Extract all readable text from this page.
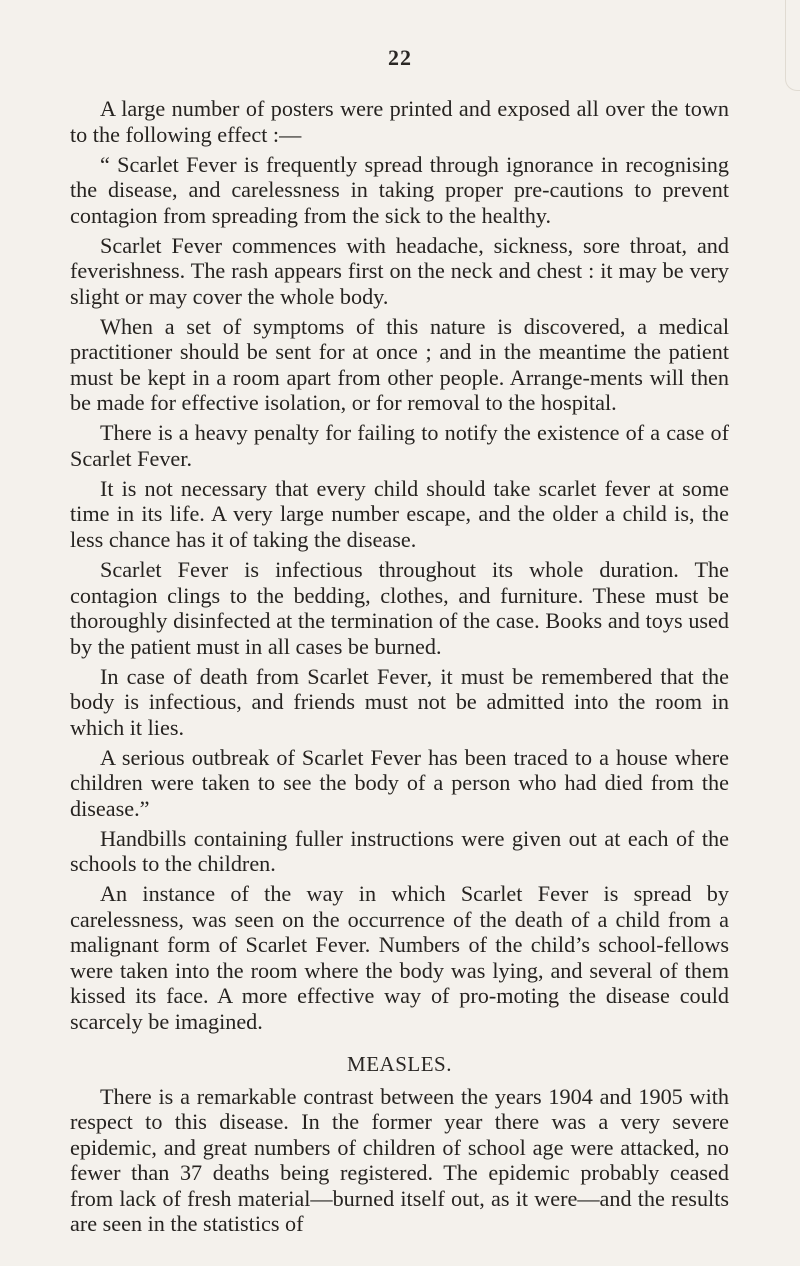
22

A large number of posters were printed and exposed all over the town to the following effect :—

“ Scarlet Fever is frequently spread through ignorance in recognising the disease, and carelessness in taking proper pre-cautions to prevent contagion from spreading from the sick to the healthy.

Scarlet Fever commences with headache, sickness, sore throat, and feverishness. The rash appears first on the neck and chest : it may be very slight or may cover the whole body.

When a set of symptoms of this nature is discovered, a medical practitioner should be sent for at once ; and in the meantime the patient must be kept in a room apart from other people. Arrange-ments will then be made for effective isolation, or for removal to the hospital.

There is a heavy penalty for failing to notify the existence of a case of Scarlet Fever.

It is not necessary that every child should take scarlet fever at some time in its life. A very large number escape, and the older a child is, the less chance has it of taking the disease.

Scarlet Fever is infectious throughout its whole duration. The contagion clings to the bedding, clothes, and furniture. These must be thoroughly disinfected at the termination of the case. Books and toys used by the patient must in all cases be burned.

In case of death from Scarlet Fever, it must be remembered that the body is infectious, and friends must not be admitted into the room in which it lies.

A serious outbreak of Scarlet Fever has been traced to a house where children were taken to see the body of a person who had died from the disease.”

Handbills containing fuller instructions were given out at each of the schools to the children.

An instance of the way in which Scarlet Fever is spread by carelessness, was seen on the occurrence of the death of a child from a malignant form of Scarlet Fever. Numbers of the child’s school-fellows were taken into the room where the body was lying, and several of them kissed its face. A more effective way of pro-moting the disease could scarcely be imagined.

MEASLES.

There is a remarkable contrast between the years 1904 and 1905 with respect to this disease. In the former year there was a very severe epidemic, and great numbers of children of school age were attacked, no fewer than 37 deaths being registered. The epidemic probably ceased from lack of fresh material—burned itself out, as it were—and the results are seen in the statistics of
